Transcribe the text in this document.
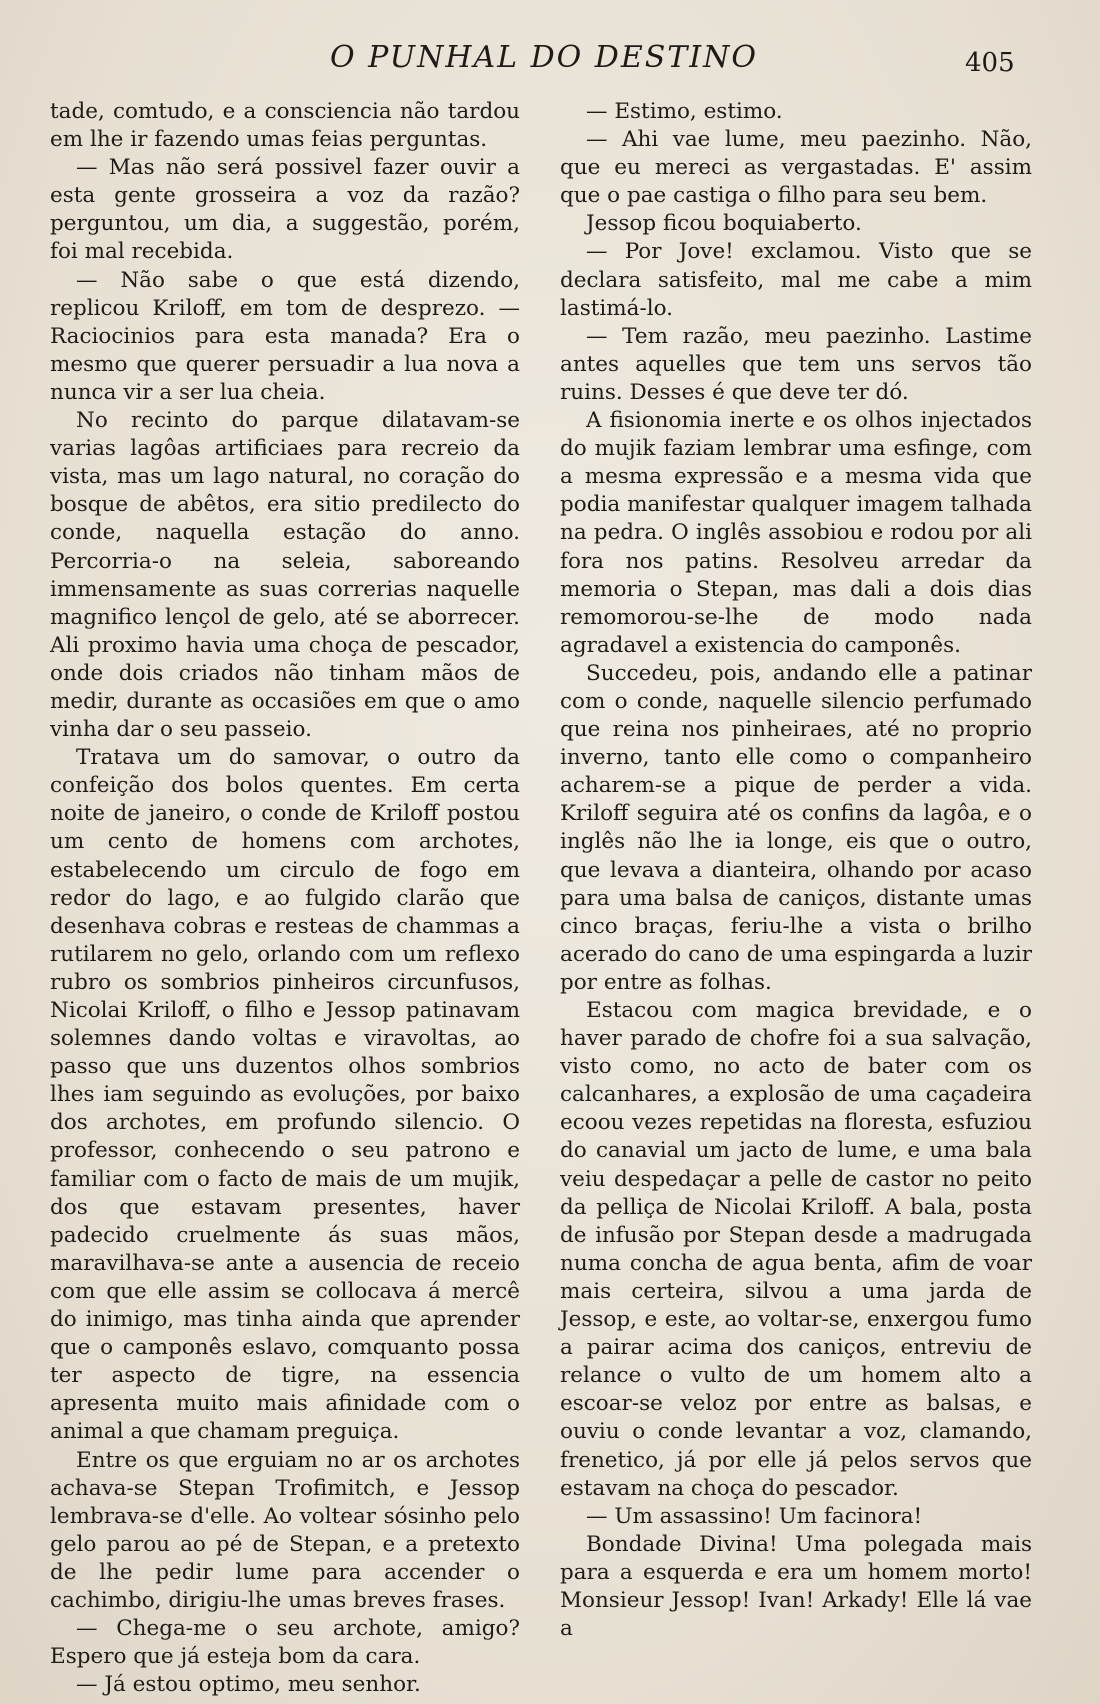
O PUNHAL DO DESTINO	405

tade, comtudo, e a consciencia não tardou em lhe ir fazendo umas feias perguntas.

— Mas não será possivel fazer ouvir a esta gente grosseira a voz da razão? perguntou, um dia, a suggestão, porém, foi mal recebida.

— Não sabe o que está dizendo, replicou Kriloff, em tom de desprezo. — Raciocinios para esta manada? Era o mesmo que querer persuadir a lua nova a nunca vir a ser lua cheia.

No recinto do parque dilatavam-se varias lagôas artificiaes para recreio da vista, mas um lago natural, no coração do bosque de abêtos, era sitio predilecto do conde, naquella estação do anno. Percorria-o na seleia, saboreando immensamente as suas correrias naquelle magnifico lençol de gelo, até se aborrecer. Ali proximo havia uma choça de pescador, onde dois criados não tinham mãos de medir, durante as occasiões em que o amo vinha dar o seu passeio.

Tratava um do samovar, o outro da confeição dos bolos quentes. Em certa noite de janeiro, o conde de Kriloff postou um cento de homens com archotes, estabelecendo um circulo de fogo em redor do lago, e ao fulgido clarão que desenhava cobras e resteas de chammas a rutilarem no gelo, orlando com um reflexo rubro os sombrios pinheiros circunfusos, Nicolai Kriloff, o filho e Jessop patinavam solemnes dando voltas e viravoltas, ao passo que uns duzentos olhos sombrios lhes iam seguindo as evoluções, por baixo dos archotes, em profundo silencio. O professor, conhecendo o seu patrono e familiar com o facto de mais de um mujik, dos que estavam presentes, haver padecido cruelmente ás suas mãos, maravilhava-se ante a ausencia de receio com que elle assim se collocava á mercê do inimigo, mas tinha ainda que aprender que o camponês eslavo, comquanto possa ter aspecto de tigre, na essencia apresenta muito mais afinidade com o animal a que chamam preguiça.

Entre os que erguiam no ar os archotes achava-se Stepan Trofimitch, e Jessop lembrava-se d'elle. Ao voltear sósinho pelo gelo parou ao pé de Stepan, e a pretexto de lhe pedir lume para accender o cachimbo, dirigiu-lhe umas breves frases.

— Chega-me o seu archote, amigo? Espero que já esteja bom da cara.

— Já estou optimo, meu senhor.

— Estimo, estimo.

— Ahi vae lume, meu paezinho. Não, que eu mereci as vergastadas. E' assim que o pae castiga o filho para seu bem.

Jessop ficou boquiaberto.

— Por Jove! exclamou. Visto que se declara satisfeito, mal me cabe a mim lastimá-lo.

— Tem razão, meu paezinho. Lastime antes aquelles que tem uns servos tão ruins. Desses é que deve ter dó.

A fisionomia inerte e os olhos injectados do mujik faziam lembrar uma esfinge, com a mesma expressão e a mesma vida que podia manifestar qualquer imagem talhada na pedra. O inglês assobiou e rodou por ali fora nos patins. Resolveu arredar da memoria o Stepan, mas dali a dois dias remomorou-se-lhe de modo nada agradavel a existencia do camponês.

Succedeu, pois, andando elle a patinar com o conde, naquelle silencio perfumado que reina nos pinheiraes, até no proprio inverno, tanto elle como o companheiro acharem-se a pique de perder a vida. Kriloff seguira até os confins da lagôa, e o inglês não lhe ia longe, eis que o outro, que levava a dianteira, olhando por acaso para uma balsa de caniços, distante umas cinco braças, feriu-lhe a vista o brilho acerado do cano de uma espingarda a luzir por entre as folhas.

Estacou com magica brevidade, e o haver parado de chofre foi a sua salvação, visto como, no acto de bater com os calcanhares, a explosão de uma caçadeira ecoou vezes repetidas na floresta, esfuziou do canavial um jacto de lume, e uma bala veiu despedaçar a pelle de castor no peito da pelliça de Nicolai Kriloff. A bala, posta de infusão por Stepan desde a madrugada numa concha de agua benta, afim de voar mais certeira, silvou a uma jarda de Jessop, e este, ao voltar-se, enxergou fumo a pairar acima dos caniços, entreviu de relance o vulto de um homem alto a escoar-se veloz por entre as balsas, e ouviu o conde levantar a voz, clamando, frenetico, já por elle já pelos servos que estavam na choça do pescador.

— Um assassino! Um facinora!

Bondade Divina! Uma polegada mais para a esquerda e era um homem morto! Monsieur Jessop! Ivan! Arkady! Elle lá vae a
